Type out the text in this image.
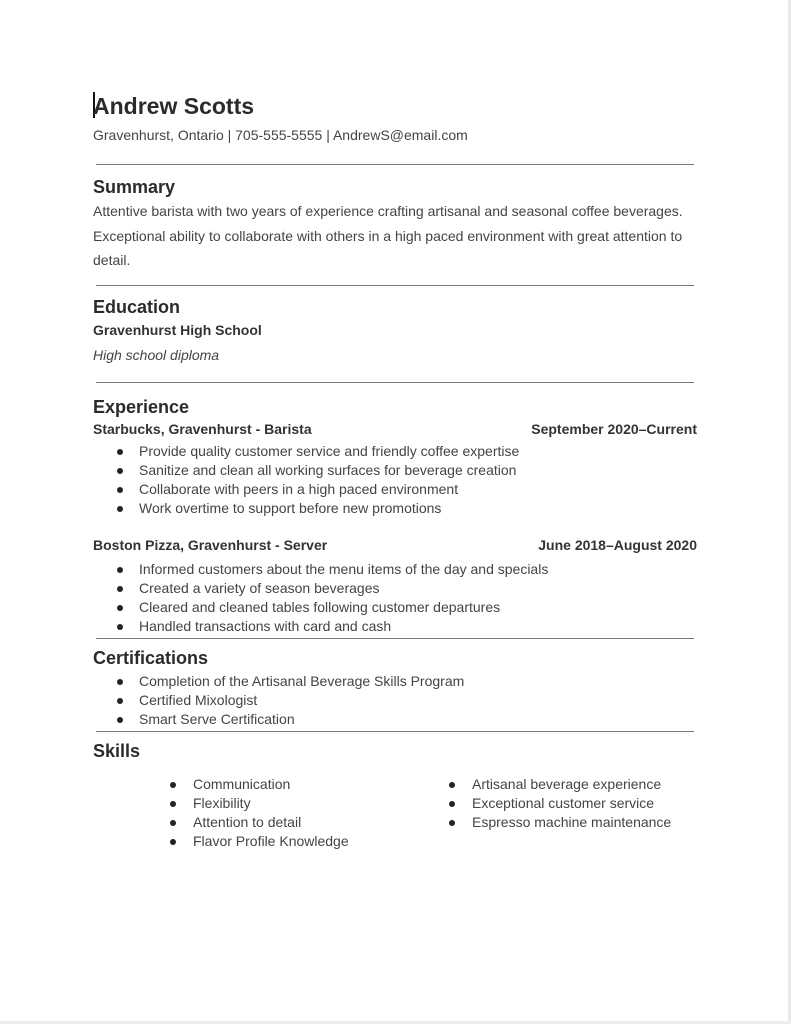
Andrew Scotts
Gravenhurst, Ontario | 705-555-5555 | AndrewS@email.com
Summary
Attentive barista with two years of experience crafting artisanal and seasonal coffee beverages. Exceptional ability to collaborate with others in a high paced environment with great attention to detail.
Education
Gravenhurst High School
High school diploma
Experience
Starbucks, Gravenhurst - Barista	September 2020–Current
Provide quality customer service and friendly coffee expertise
Sanitize and clean all working surfaces for beverage creation
Collaborate with peers in a high paced environment
Work overtime to support before new promotions
Boston Pizza, Gravenhurst - Server	June 2018–August 2020
Informed customers about the menu items of the day and specials
Created a variety of season beverages
Cleared and cleaned tables following customer departures
Handled transactions with card and cash
Certifications
Completion of the Artisanal Beverage Skills Program
Certified Mixologist
Smart Serve Certification
Skills
Communication
Flexibility
Attention to detail
Flavor Profile Knowledge
Artisanal beverage experience
Exceptional customer service
Espresso machine maintenance
